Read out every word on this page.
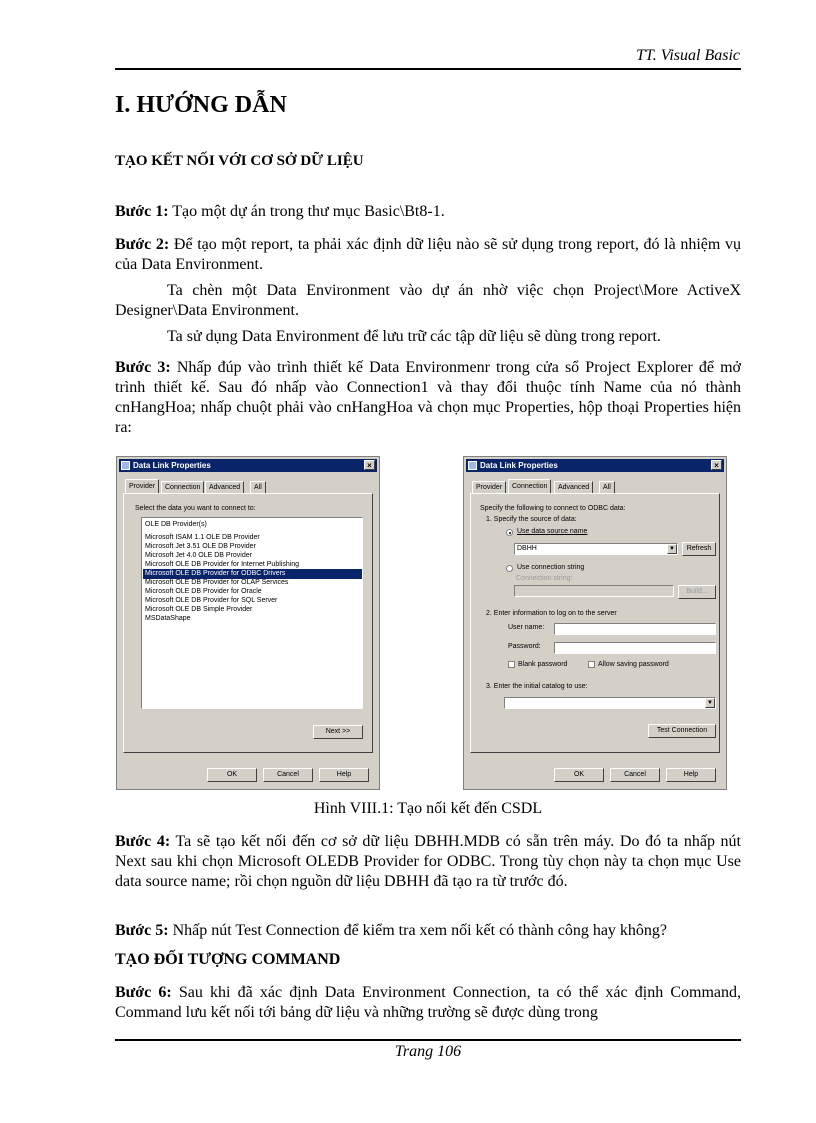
TT. Visual Basic
I. HƯỚNG DẪN
TẠO KẾT NỐI VỚI CƠ SỞ DỮ LIỆU
Bước 1: Tạo một dự án trong thư mục Basic\Bt8-1.
Bước 2: Để tạo một report, ta phải xác định dữ liệu nào sẽ sử dụng trong report, đó là nhiệm vụ của Data Environment.
Ta chèn một Data Environment vào dự án nhờ việc chọn Project\More ActiveX Designer\Data Environment.
Ta sử dụng Data Environment để lưu trữ các tập dữ liệu sẽ dùng trong report.
Bước 3: Nhấp đúp vào trình thiết kế Data Environmenr trong cửa sổ Project Explorer để mở trình thiết kế. Sau đó nhấp vào Connection1 và thay đổi thuộc tính Name của nó thành cnHangHoa; nhấp chuột phải vào cnHangHoa và chọn mục Properties, hộp thoại Properties hiện ra:
Data Link Properties	×
Provider	Connection	Advanced	All
Select the data you want to connect to:
OLE DB Provider(s)
Microsoft ISAM 1.1 OLE DB Provider
Microsoft Jet 3.51 OLE DB Provider
Microsoft Jet 4.0 OLE DB Provider
Microsoft OLE DB Provider for Internet Publishing
Microsoft OLE DB Provider for ODBC Drivers
Microsoft OLE DB Provider for OLAP Services
Microsoft OLE DB Provider for Oracle
Microsoft OLE DB Provider for SQL Server
Microsoft OLE DB Simple Provider
MSDataShape
Next >>
OK	Cancel	Help
Data Link Properties	×
Provider	Connection	Advanced	All
Specify the following to connect to ODBC data:
1. Specify the source of data:
Use data source name
DBHH	▼	Refresh
Use connection string
Connection string:
Build...
2. Enter information to log on to the server
User name:
Password:
Blank password	Allow saving password
3. Enter the initial catalog to use:
▼
Test Connection
OK	Cancel	Help
Hình VIII.1: Tạo nối kết đến CSDL
Bước 4: Ta sẽ tạo kết nối đến cơ sở dữ liệu DBHH.MDB có sẵn trên máy. Do đó ta nhấp nút Next sau khi chọn Microsoft OLEDB Provider for ODBC. Trong tùy chọn này ta chọn mục Use data source name; rồi chọn nguồn dữ liệu DBHH đã tạo ra từ trước đó.
Bước 5: Nhấp nút Test Connection để kiểm tra xem nối kết có thành công hay không?
TẠO ĐỐI TƯỢNG COMMAND
Bước 6: Sau khi đã xác định Data Environment Connection, ta có thể xác định Command, Command lưu kết nối tới bảng dữ liệu và những trường sẽ được dùng trong
Trang 106
